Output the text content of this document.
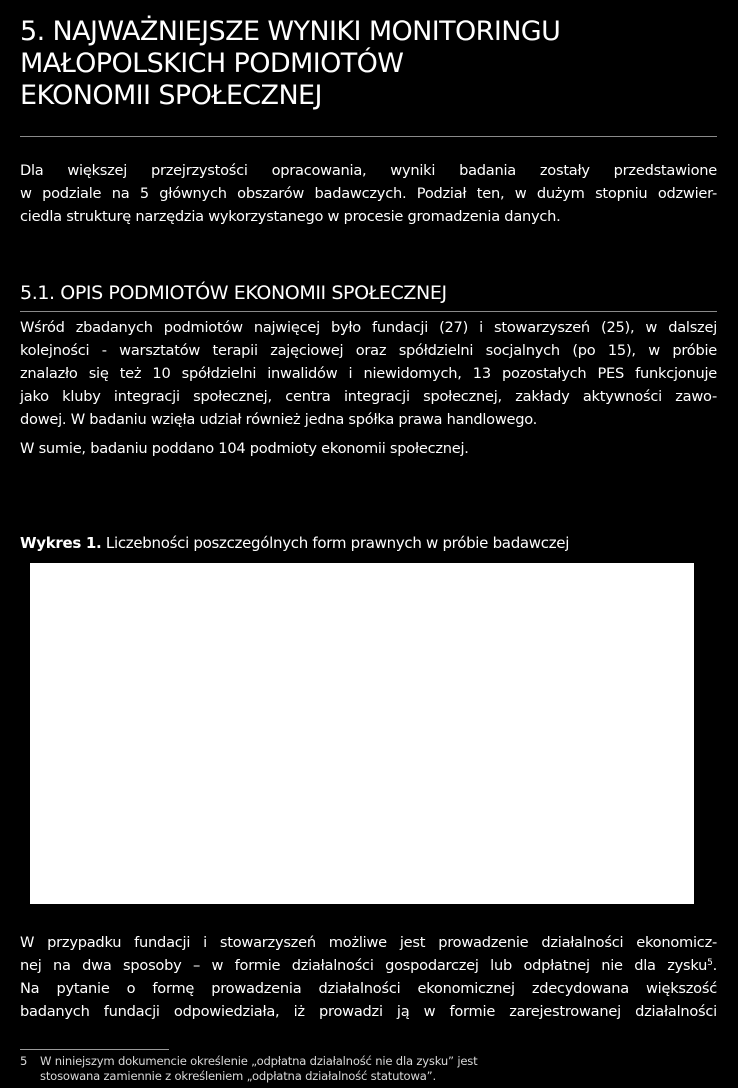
5. NAJWAŻNIEJSZE WYNIKI MONITORINGU
MAŁOPOLSKICH PODMIOTÓW
EKONOMII SPOŁECZNEJ

Dla większej przejrzystości opracowania, wyniki badania zostały przedstawione
w podziale na 5 głównych obszarów badawczych. Podział ten, w dużym stopniu odzwier-
ciedla strukturę narzędzia wykorzystanego w procesie gromadzenia danych.

5.1. OPIS PODMIOTÓW EKONOMII SPOŁECZNEJ

Wśród zbadanych podmiotów najwięcej było fundacji (27) i stowarzyszeń (25), w dalszej
kolejności - warsztatów terapii zajęciowej oraz spółdzielni socjalnych (po 15), w próbie
znalazło się też 10 spółdzielni inwalidów i niewidomych, 13 pozostałych PES funkcjonuje
jako kluby integracji społecznej, centra integracji społecznej, zakłady aktywności zawo-
dowej. W badaniu wzięła udział również jedna spółka prawa handlowego.

W sumie, badaniu poddano 104 podmioty ekonomii społecznej.

Wykres 1. Liczebności poszczególnych form prawnych w próbie badawczej

W przypadku fundacji i stowarzyszeń możliwe jest prowadzenie działalności ekonomicz-
nej na dwa sposoby – w formie działalności gospodarczej lub odpłatnej nie dla zysku$^5$.
Na pytanie o formę prowadzenia działalności ekonomicznej zdecydowana większość
badanych fundacji odpowiedziała, iż prowadzi ją w formie zarejestrowanej działalności

5 W niniejszym dokumencie określenie „odpłatna działalność nie dla zysku” jest
stosowana zamiennie z określeniem „odpłatna działalność statutowa”.
